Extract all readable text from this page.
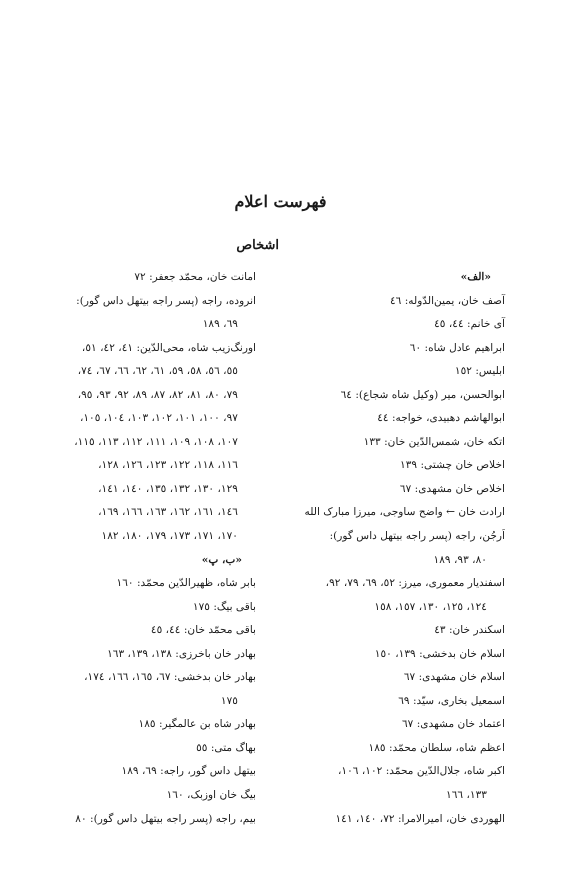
فهرست اعلام
اشخاص
«الف»
آصف خان، یمین‌الدّوله: ٤٦
آی خانم: ٤٤، ٤٥
ابراهیم عادل شاه: ٦٠
ابلیس: ١٥٢
ابوالحسن، میر (وکیل شاه شجاع): ٦٤
ابوالهاشم دهبیدی، خواجه: ٤٤
اتکه خان، شمس‌الدّین خان: ١٣٣
اخلاص خان چشتی: ١٣٩
اخلاص خان مشهدی: ٦٧
ارادت خان ← واضح ساوجی، میرزا مبارک الله
اَرجُن، راجه (پسر راجه بیتهل داس گور):
٨٠، ٩٣، ١٨٩
اسفندیار معموری، میرز: ٥٢، ٦٩، ٧٩، ٩٢،
١٢٤، ١٢٥، ١٣٠، ١٥٧، ١٥٨
اسکندر خان: ٤٣
اسلام خان بدخشی: ١٣٩، ١٥٠
اسلام خان مشهدی: ٦٧
اسمعیل بخاری، سیّد: ٦٩
اعتماد خان مشهدی: ٦٧
اعظم شاه، سلطان محمّد: ١٨٥
اکبر شاه، جلال‌الدّین محمّد: ١٠٢، ١٠٦،
١٣٣، ١٦٦
الهوردی خان، امیرالامرا: ٧٢، ١٤٠، ١٤١
امانت خان، محمّد جعفر: ٧٢
انروده، راجه (پسر راجه بیتهل داس گور):
٦٩، ١٨٩
اورنگ‌زیب شاه، محی‌الدّین: ٤١، ٤٢، ٥١،
٥٥، ٥٦، ٥٨، ٥٩، ٦١، ٦٢، ٦٦، ٦٧، ٧٤،
٧٩، ٨٠، ٨١، ٨٢، ٨٧، ٨٩، ٩٢، ٩٣، ٩٥،
٩٧، ١٠٠، ١٠١، ١٠٢، ١٠٣، ١٠٤، ١٠٥،
١٠٧، ١٠٨، ١٠٩، ١١١، ١١٢، ١١٣، ١١٥،
١١٦، ١١٨، ١٢٢، ١٢٣، ١٢٦، ١٢٨،
١٢٩، ١٣٠، ١٣٢، ١٣٥، ١٤٠، ١٤١،
١٤٦، ١٦١، ١٦٢، ١٦٣، ١٦٦، ١٦٩،
١٧٠، ١٧١، ١٧٣، ١٧٩، ١٨٠، ١٨٢
«ب، پ»
بابر شاه، ظهیرالدّین محمّد: ١٦٠
باقی بیگ: ١٧٥
باقی محمّد خان: ٤٤، ٤٥
بهادر خان باخرزی: ١٣٨، ١٣٩، ١٦٣
بهادر خان بدخشی: ٦٧، ١٦٥، ١٦٦، ١٧٤،
١٧٥
بهادر شاه بن عالمگیر: ١٨٥
بهاگ متی: ٥٥
بیتهل داس گور، راجه: ٦٩، ١٨٩
بیگ خان اوزبک، ١٦٠
بیم، راجه (پسر راجه بیتهل داس گور): ٨٠
